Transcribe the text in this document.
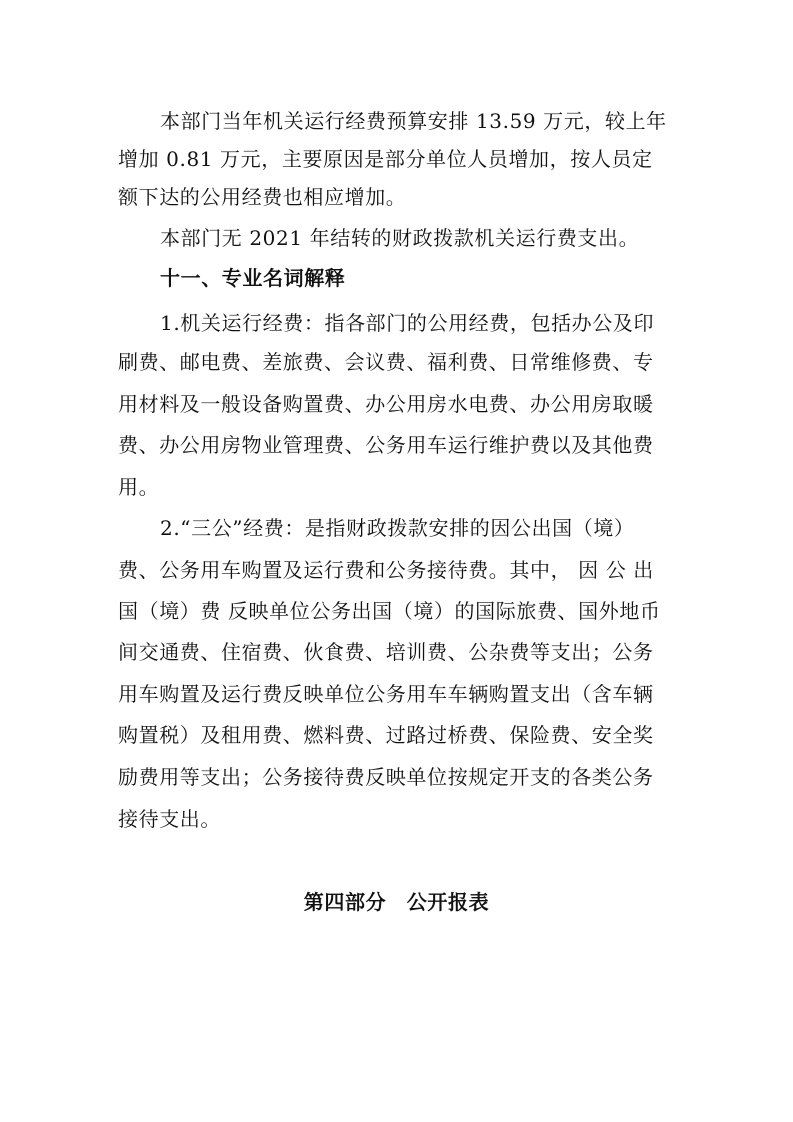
本部门当年机关运行经费预算安排 13.59 万元，较上年
增加 0.81 万元，主要原因是部分单位人员增加，按人员定
额下达的公用经费也相应增加。
本部门无 2021 年结转的财政拨款机关运行费支出。
十一、专业名词解释
1.机关运行经费：指各部门的公用经费，包括办公及印
刷费、邮电费、差旅费、会议费、福利费、日常维修费、专
用材料及一般设备购置费、办公用房水电费、办公用房取暖
费、办公用房物业管理费、公务用车运行维护费以及其他费
用。
2.“三公”经费：是指财政拨款安排的因公出国（境）
费、公务用车购置及运行费和公务接待费。其中， 因 公 出
国（境）费 反映单位公务出国（境）的国际旅费、国外地币
间交通费、住宿费、伙食费、培训费、公杂费等支出；公务
用车购置及运行费反映单位公务用车车辆购置支出（含车辆
购置税）及租用费、燃料费、过路过桥费、保险费、安全奖
励费用等支出；公务接待费反映单位按规定开支的各类公务
接待支出。
第四部分　公开报表
